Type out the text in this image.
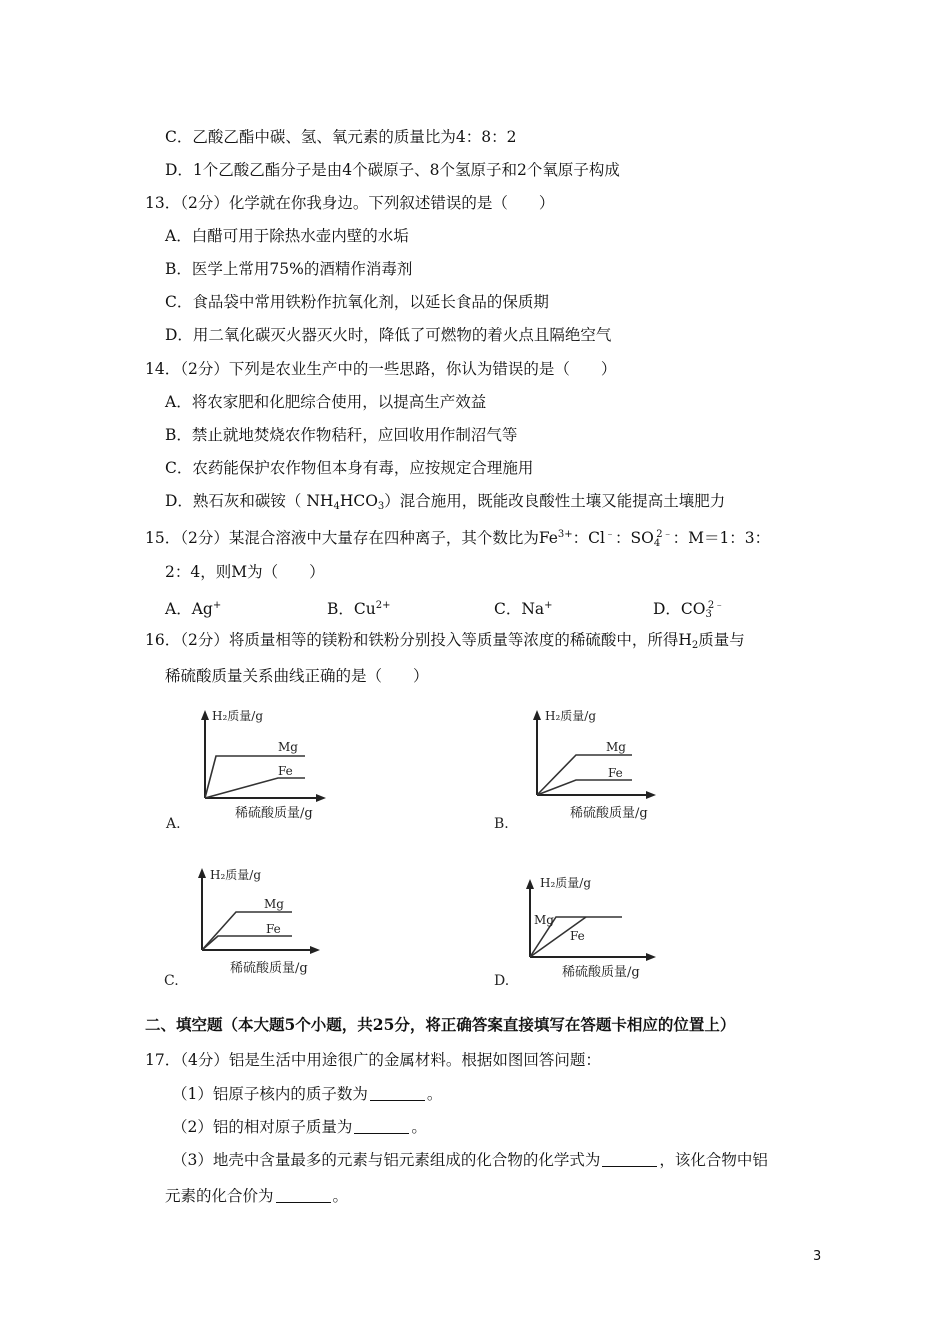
C．乙酸乙酯中碳、氢、氧元素的质量比为4：8：2
D．1个乙酸乙酯分子是由4个碳原子、8个氢原子和2个氧原子构成
13．（2分）化学就在你我身边。下列叙述错误的是（　　）
A．白醋可用于除热水壶内壁的水垢
B．医学上常用75%的酒精作消毒剂
C．食品袋中常用铁粉作抗氧化剂，以延长食品的保质期
D．用二氧化碳灭火器灭火时，降低了可燃物的着火点且隔绝空气
14．（2分）下列是农业生产中的一些思路，你认为错误的是（　　）
A．将农家肥和化肥综合使用，以提高生产效益
B．禁止就地焚烧农作物秸秆，应回收用作制沼气等
C．农药能保护农作物但本身有毒，应按规定合理施用
D．熟石灰和碳铵（ $NH_4HCO_3$）混合施用，既能改良酸性土壤又能提高土壤肥力
15．（2分）某混合溶液中大量存在四种离子，其个数比为$Fe^{3+}$：Cl﹣：$SO_4^{2﹣}$：M＝1：3：
2：4，则M为（　　）
A．Ag+	B．$Cu^{2+}$	C．Na+	D．$CO_3^{2﹣}$
16．（2分）将质量相等的镁粉和铁粉分别投入等质量等浓度的稀硫酸中，所得$H_2$质量与
稀硫酸质量关系曲线正确的是（　　）
H₂质量/g
Mg
Fe
稀硫酸质量/g
A.
H₂质量/g
Mg
Fe
稀硫酸质量/g
B.
H₂质量/g
Mg
Fe
稀硫酸质量/g
C.
H₂质量/g
Mg
Fe
稀硫酸质量/g
D.
二、填空题（本大题5个小题，共25分，将正确答案直接填写在答题卡相应的位置上）
17．（4分）铝是生活中用途很广的金属材料。根据如图回答问题：
（1）铝原子核内的质子数为	。
（2）铝的相对原子质量为	。
（3）地壳中含量最多的元素与铝元素组成的化合物的化学式为	，该化合物中铝
元素的化合价为	。
3
